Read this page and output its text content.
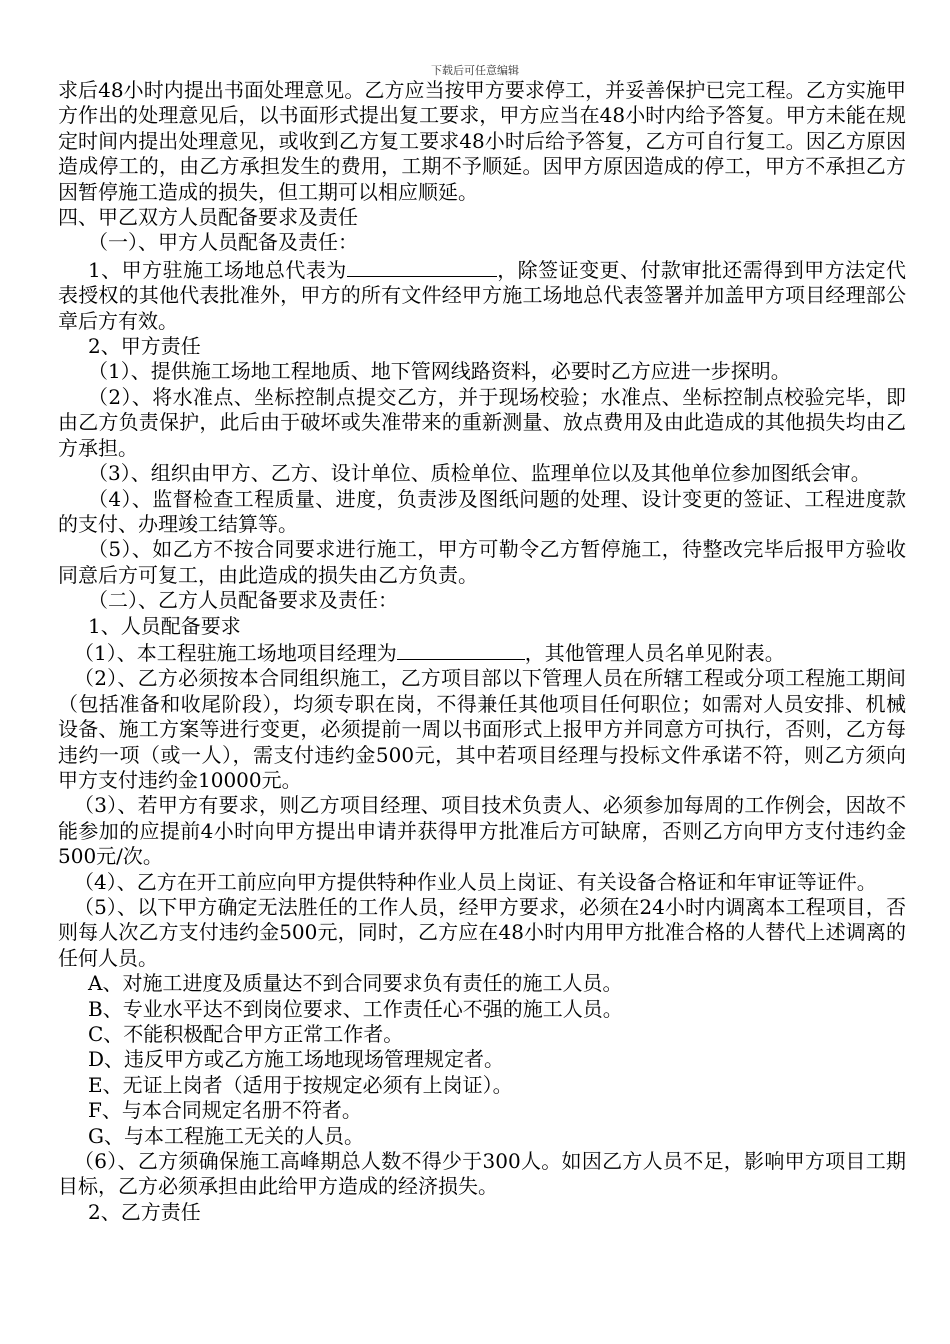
下载后可任意编辑

求后48小时内提出书面处理意见。乙方应当按甲方要求停工，并妥善保护已完工程。乙方实施甲方作出的处理意见后，以书面形式提出复工要求，甲方应当在48小时内给予答复。甲方未能在规定时间内提出处理意见，或收到乙方复工要求48小时后给予答复，乙方可自行复工。因乙方原因造成停工的，由乙方承担发生的费用，工期不予顺延。因甲方原因造成的停工，甲方不承担乙方因暂停施工造成的损失，但工期可以相应顺延。

四、甲乙双方人员配备要求及责任

（一）、甲方人员配备及责任：

1、甲方驻施工场地总代表为	，除签证变更、付款审批还需得到甲方法定代表授权的其他代表批准外，甲方的所有文件经甲方施工场地总代表签署并加盖甲方项目经理部公章后方有效。

2、甲方责任

（1）、提供施工场地工程地质、地下管网线路资料，必要时乙方应进一步探明。

（2）、将水准点、坐标控制点提交乙方，并于现场校验；水准点、坐标控制点校验完毕，即由乙方负责保护，此后由于破坏或失准带来的重新测量、放点费用及由此造成的其他损失均由乙方承担。

（3）、组织由甲方、乙方、设计单位、质检单位、监理单位以及其他单位参加图纸会审。

（4）、监督检查工程质量、进度，负责涉及图纸问题的处理、设计变更的签证、工程进度款的支付、办理竣工结算等。

（5）、如乙方不按合同要求进行施工，甲方可勒令乙方暂停施工，待整改完毕后报甲方验收同意后方可复工，由此造成的损失由乙方负责。

（二）、乙方人员配备要求及责任：

1、人员配备要求

（1）、本工程驻施工场地项目经理为	，其他管理人员名单见附表。

（2）、乙方必须按本合同组织施工，乙方项目部以下管理人员在所辖工程或分项工程施工期间（包括准备和收尾阶段），均须专职在岗，不得兼任其他项目任何职位；如需对人员安排、机械设备、施工方案等进行变更，必须提前一周以书面形式上报甲方并同意方可执行，否则，乙方每违约一项（或一人），需支付违约金500元，其中若项目经理与投标文件承诺不符，则乙方须向甲方支付违约金10000元。

（3）、若甲方有要求，则乙方项目经理、项目技术负责人、必须参加每周的工作例会，因故不能参加的应提前4小时向甲方提出申请并获得甲方批准后方可缺席，否则乙方向甲方支付违约金500元/次。

（4）、乙方在开工前应向甲方提供特种作业人员上岗证、有关设备合格证和年审证等证件。

（5）、以下甲方确定无法胜任的工作人员，经甲方要求，必须在24小时内调离本工程项目，否则每人次乙方支付违约金500元，同时，乙方应在48小时内用甲方批准合格的人替代上述调离的任何人员。

A、对施工进度及质量达不到合同要求负有责任的施工人员。

B、专业水平达不到岗位要求、工作责任心不强的施工人员。

C、不能积极配合甲方正常工作者。

D、违反甲方或乙方施工场地现场管理规定者。

E、无证上岗者（适用于按规定必须有上岗证）。

F、与本合同规定名册不符者。

G、与本工程施工无关的人员。

（6）、乙方须确保施工高峰期总人数不得少于300人。如因乙方人员不足，影响甲方项目工期目标，乙方必须承担由此给甲方造成的经济损失。

2、乙方责任
